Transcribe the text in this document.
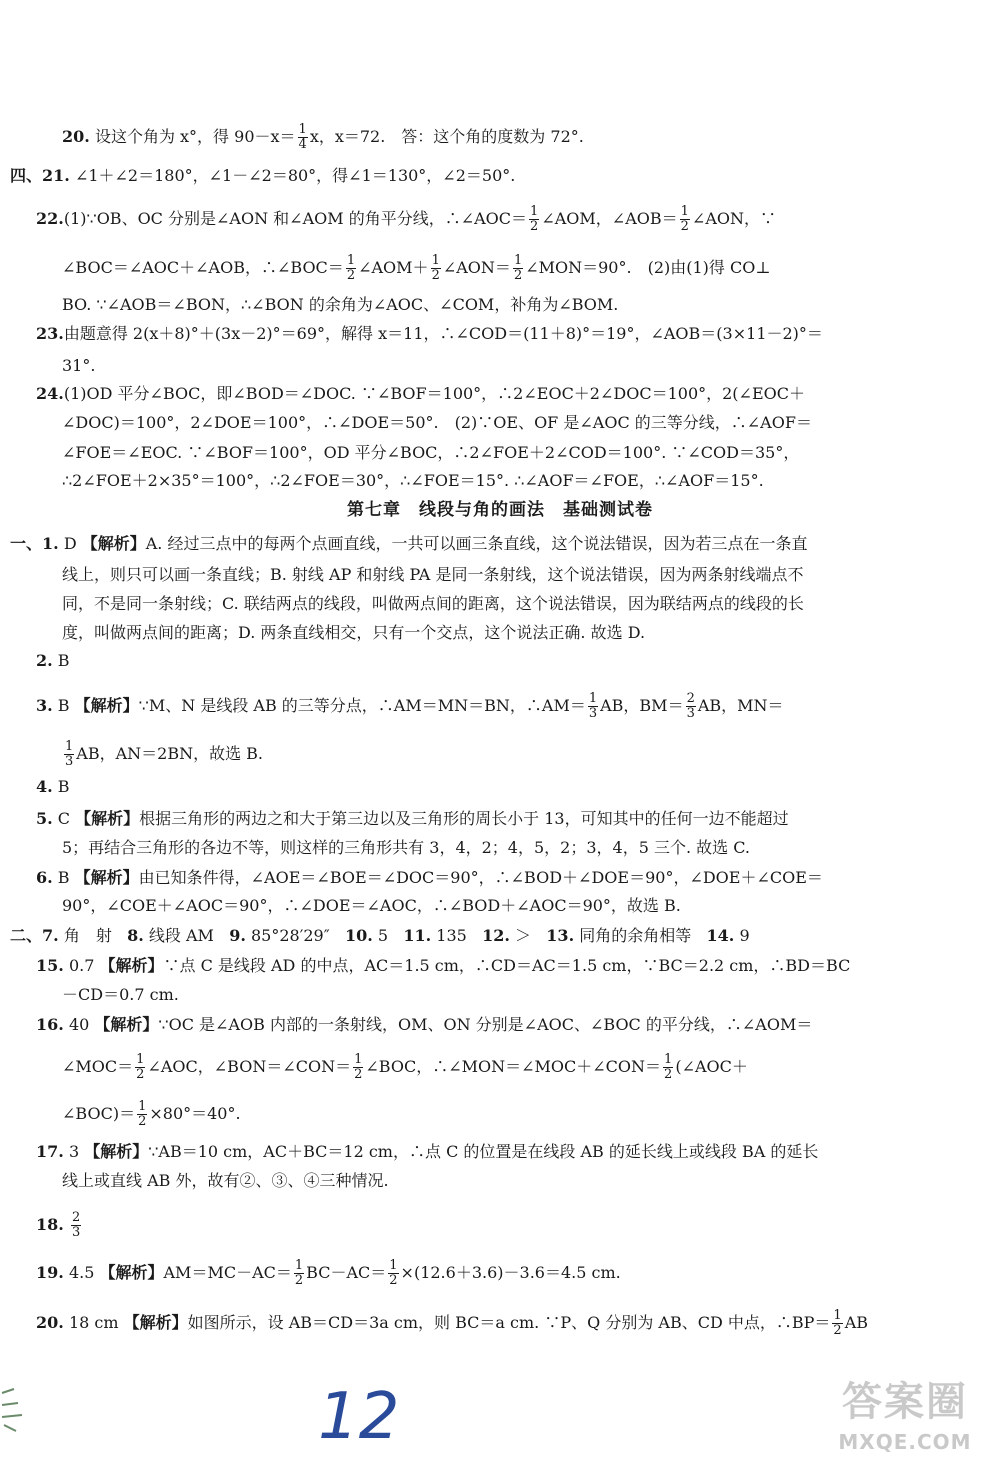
20. 设这个角为 x°，得 $90-x= \frac{1}{4}$ x，x＝72.　答：这个角的度数为 72°.
四、21. ∠1＋∠2＝180°，∠1－∠2＝80°，得∠1＝130°，∠2＝50°.
22.(1)∵OB、OC 分别是∠AON 和∠AOM 的角平分线，∴∠AOC＝ $\frac{1}{2}$ ∠AOM，∠AOB＝ $\frac{1}{2}$ ∠AON，∵
∠BOC＝∠AOC＋∠AOB，∴∠BOC＝ $\frac{1}{2}$ ∠AOM＋ $\frac{1}{2}$ ∠AON＝ $\frac{1}{2}$ ∠MON＝90°.　(2)由(1)得 CO⊥
BO. ∵∠AOB＝∠BON，∴∠BON 的余角为∠AOC、∠COM，补角为∠BOM.
23.由题意得 2(x＋8)°＋(3x－2)°＝69°，解得 x＝11，∴∠COD＝(11＋8)°＝19°，∠AOB＝(3×11－2)°＝
31°.
24.(1)OD 平分∠BOC，即∠BOD＝∠DOC. ∵∠BOF＝100°，∴2∠EOC＋2∠DOC＝100°，2(∠EOC＋
∠DOC)＝100°，2∠DOE＝100°，∴∠DOE＝50°.　(2)∵OE、OF 是∠AOC 的三等分线，∴∠AOF＝
∠FOE＝∠EOC. ∵∠BOF＝100°，OD 平分∠BOC，∴2∠FOE＋2∠COD＝100°. ∵∠COD＝35°，
∴2∠FOE＋2×35°＝100°，∴2∠FOE＝30°，∴∠FOE＝15°. ∴∠AOF＝∠FOE，∴∠AOF＝15°.
第七章　线段与角的画法　基础测试卷
一、1. D 【解析】A. 经过三点中的每两个点画直线，一共可以画三条直线，这个说法错误，因为若三点在一条直
线上，则只可以画一条直线；B. 射线 AP 和射线 PA 是同一条射线，这个说法错误，因为两条射线端点不
同，不是同一条射线；C. 联结两点的线段，叫做两点间的距离，这个说法错误，因为联结两点的线段的长
度，叫做两点间的距离；D. 两条直线相交，只有一个交点，这个说法正确. 故选 D.
2. B
3. B 【解析】∵M、N 是线段 AB 的三等分点，∴AM＝MN＝BN，∴AM＝ $\frac{1}{3}$ AB，$BM= \frac{2}{3}$ AB，MN＝
$\frac{1}{3}$ AB，AN＝2BN，故选 B.
4. B
5. C 【解析】根据三角形的两边之和大于第三边以及三角形的周长小于 13，可知其中的任何一边不能超过
5；再结合三角形的各边不等，则这样的三角形共有 3，4，2；4，5，2；3，4，5 三个. 故选 C.
6. B 【解析】由已知条件得，∠AOE＝∠BOE＝∠DOC＝90°，∴∠BOD＋∠DOE＝90°，∠DOE＋∠COE＝
90°，∠COE＋∠AOC＝90°，∴∠DOE＝∠AOC，∴∠BOD＋∠AOC＝90°，故选 B.
二、7. 角　射 8. 线段 AM 9. 85°28′29″ 10. 5 11. 135 12. ＞ 13. 同角的余角相等 14. 9
15. 0.7 【解析】∵点 C 是线段 AD 的中点，AC＝1.5 cm，∴CD＝AC＝1.5 cm，∵BC＝2.2 cm，∴BD＝BC
－CD＝0.7 cm.
16. 40 【解析】∵OC 是∠AOB 内部的一条射线，OM、ON 分别是∠AOC、∠BOC 的平分线，∴∠AOM＝
∠MOC＝ $\frac{1}{2}$ ∠AOC，∠BON＝∠CON＝ $\frac{1}{2}$ ∠BOC，∴∠MON＝∠MOC＋∠CON＝ $\frac{1}{2}$ (∠AOC＋
∠BOC)＝ $\frac{1}{2} \times 80^\circ=40^\circ$.
17. 3 【解析】∵AB＝10 cm，AC＋BC＝12 cm，∴点 C 的位置是在线段 AB 的延长线上或线段 BA 的延长
线上或直线 AB 外，故有②、③、④三种情况.
18. $\frac{2}{3}$
19. 4.5 【解析】$AM=MC-AC= \frac{1}{2} BC-AC= \frac{1}{2} \times(12.6+3.6)-3.6=4.5$ cm.
20. 18 cm 【解析】如图所示，设 AB＝CD＝3a cm，则 BC＝a cm. ∵P、Q 分别为 AB、CD 中点，∴BP＝ $\frac{1}{2}$ AB
12	答案圈
MXQE.COM
